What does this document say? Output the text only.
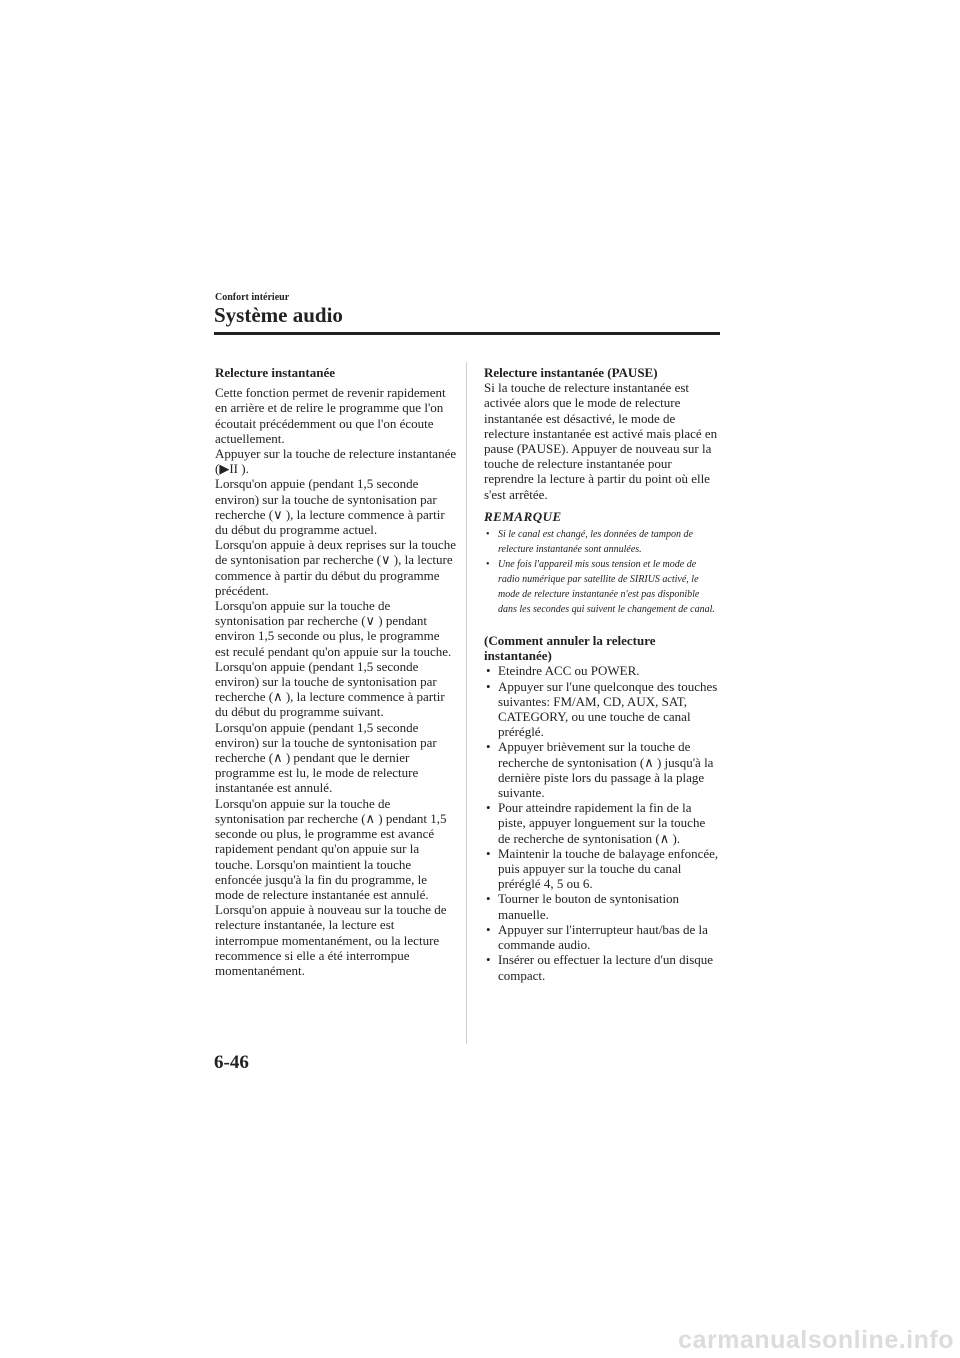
Confort intérieur
Système audio
Relecture instantanée

Cette fonction permet de revenir rapidement en arrière et de relire le programme que l'on écoutait précédemment ou que l'on écoute actuellement.

Appuyer sur la touche de relecture instantanée (▶II ).

Lorsqu'on appuie (pendant 1,5 seconde environ) sur la touche de syntonisation par recherche (∨ ), la lecture commence à partir du début du programme actuel.

Lorsqu'on appuie à deux reprises sur la touche de syntonisation par recherche (∨ ), la lecture commence à partir du début du programme précédent.

Lorsqu'on appuie sur la touche de syntonisation par recherche (∨ ) pendant environ 1,5 seconde ou plus, le programme est reculé pendant qu'on appuie sur la touche.

Lorsqu'on appuie (pendant 1,5 seconde environ) sur la touche de syntonisation par recherche (∧ ), la lecture commence à partir du début du programme suivant.

Lorsqu'on appuie (pendant 1,5 seconde environ) sur la touche de syntonisation par recherche (∧ ) pendant que le dernier programme est lu, le mode de relecture instantanée est annulé.

Lorsqu'on appuie sur la touche de syntonisation par recherche (∧ ) pendant 1,5 seconde ou plus, le programme est avancé rapidement pendant qu'on appuie sur la touche. Lorsqu'on maintient la touche enfoncée jusqu'à la fin du programme, le mode de relecture instantanée est annulé.

Lorsqu'on appuie à nouveau sur la touche de relecture instantanée, la lecture est interrompue momentanément, ou la lecture recommence si elle a été interrompue momentanément.

Relecture instantanée (PAUSE)

Si la touche de relecture instantanée est activée alors que le mode de relecture instantanée est désactivé, le mode de relecture instantanée est activé mais placé en pause (PAUSE). Appuyer de nouveau sur la touche de relecture instantanée pour reprendre la lecture à partir du point où elle s'est arrêtée.

REMARQUE
• Si le canal est changé, les données de tampon de relecture instantanée sont annulées.
• Une fois l'appareil mis sous tension et le mode de radio numérique par satellite de SIRIUS activé, le mode de relecture instantanée n'est pas disponible dans les secondes qui suivent le changement de canal.
(Comment annuler la relecture instantanée)
• Eteindre ACC ou POWER.
• Appuyer sur l'une quelconque des touches suivantes: FM/AM, CD, AUX, SAT, CATEGORY, ou une touche de canal préréglé.
• Appuyer brièvement sur la touche de recherche de syntonisation (∧ ) jusqu'à la dernière piste lors du passage à la plage suivante.
• Pour atteindre rapidement la fin de la piste, appuyer longuement sur la touche de recherche de syntonisation (∧ ).
• Maintenir la touche de balayage enfoncée, puis appuyer sur la touche du canal préréglé 4, 5 ou 6.
• Tourner le bouton de syntonisation manuelle.
• Appuyer sur l'interrupteur haut/bas de la commande audio.
• Insérer ou effectuer la lecture d'un disque compact.
6-46
carmanualsonline.info
